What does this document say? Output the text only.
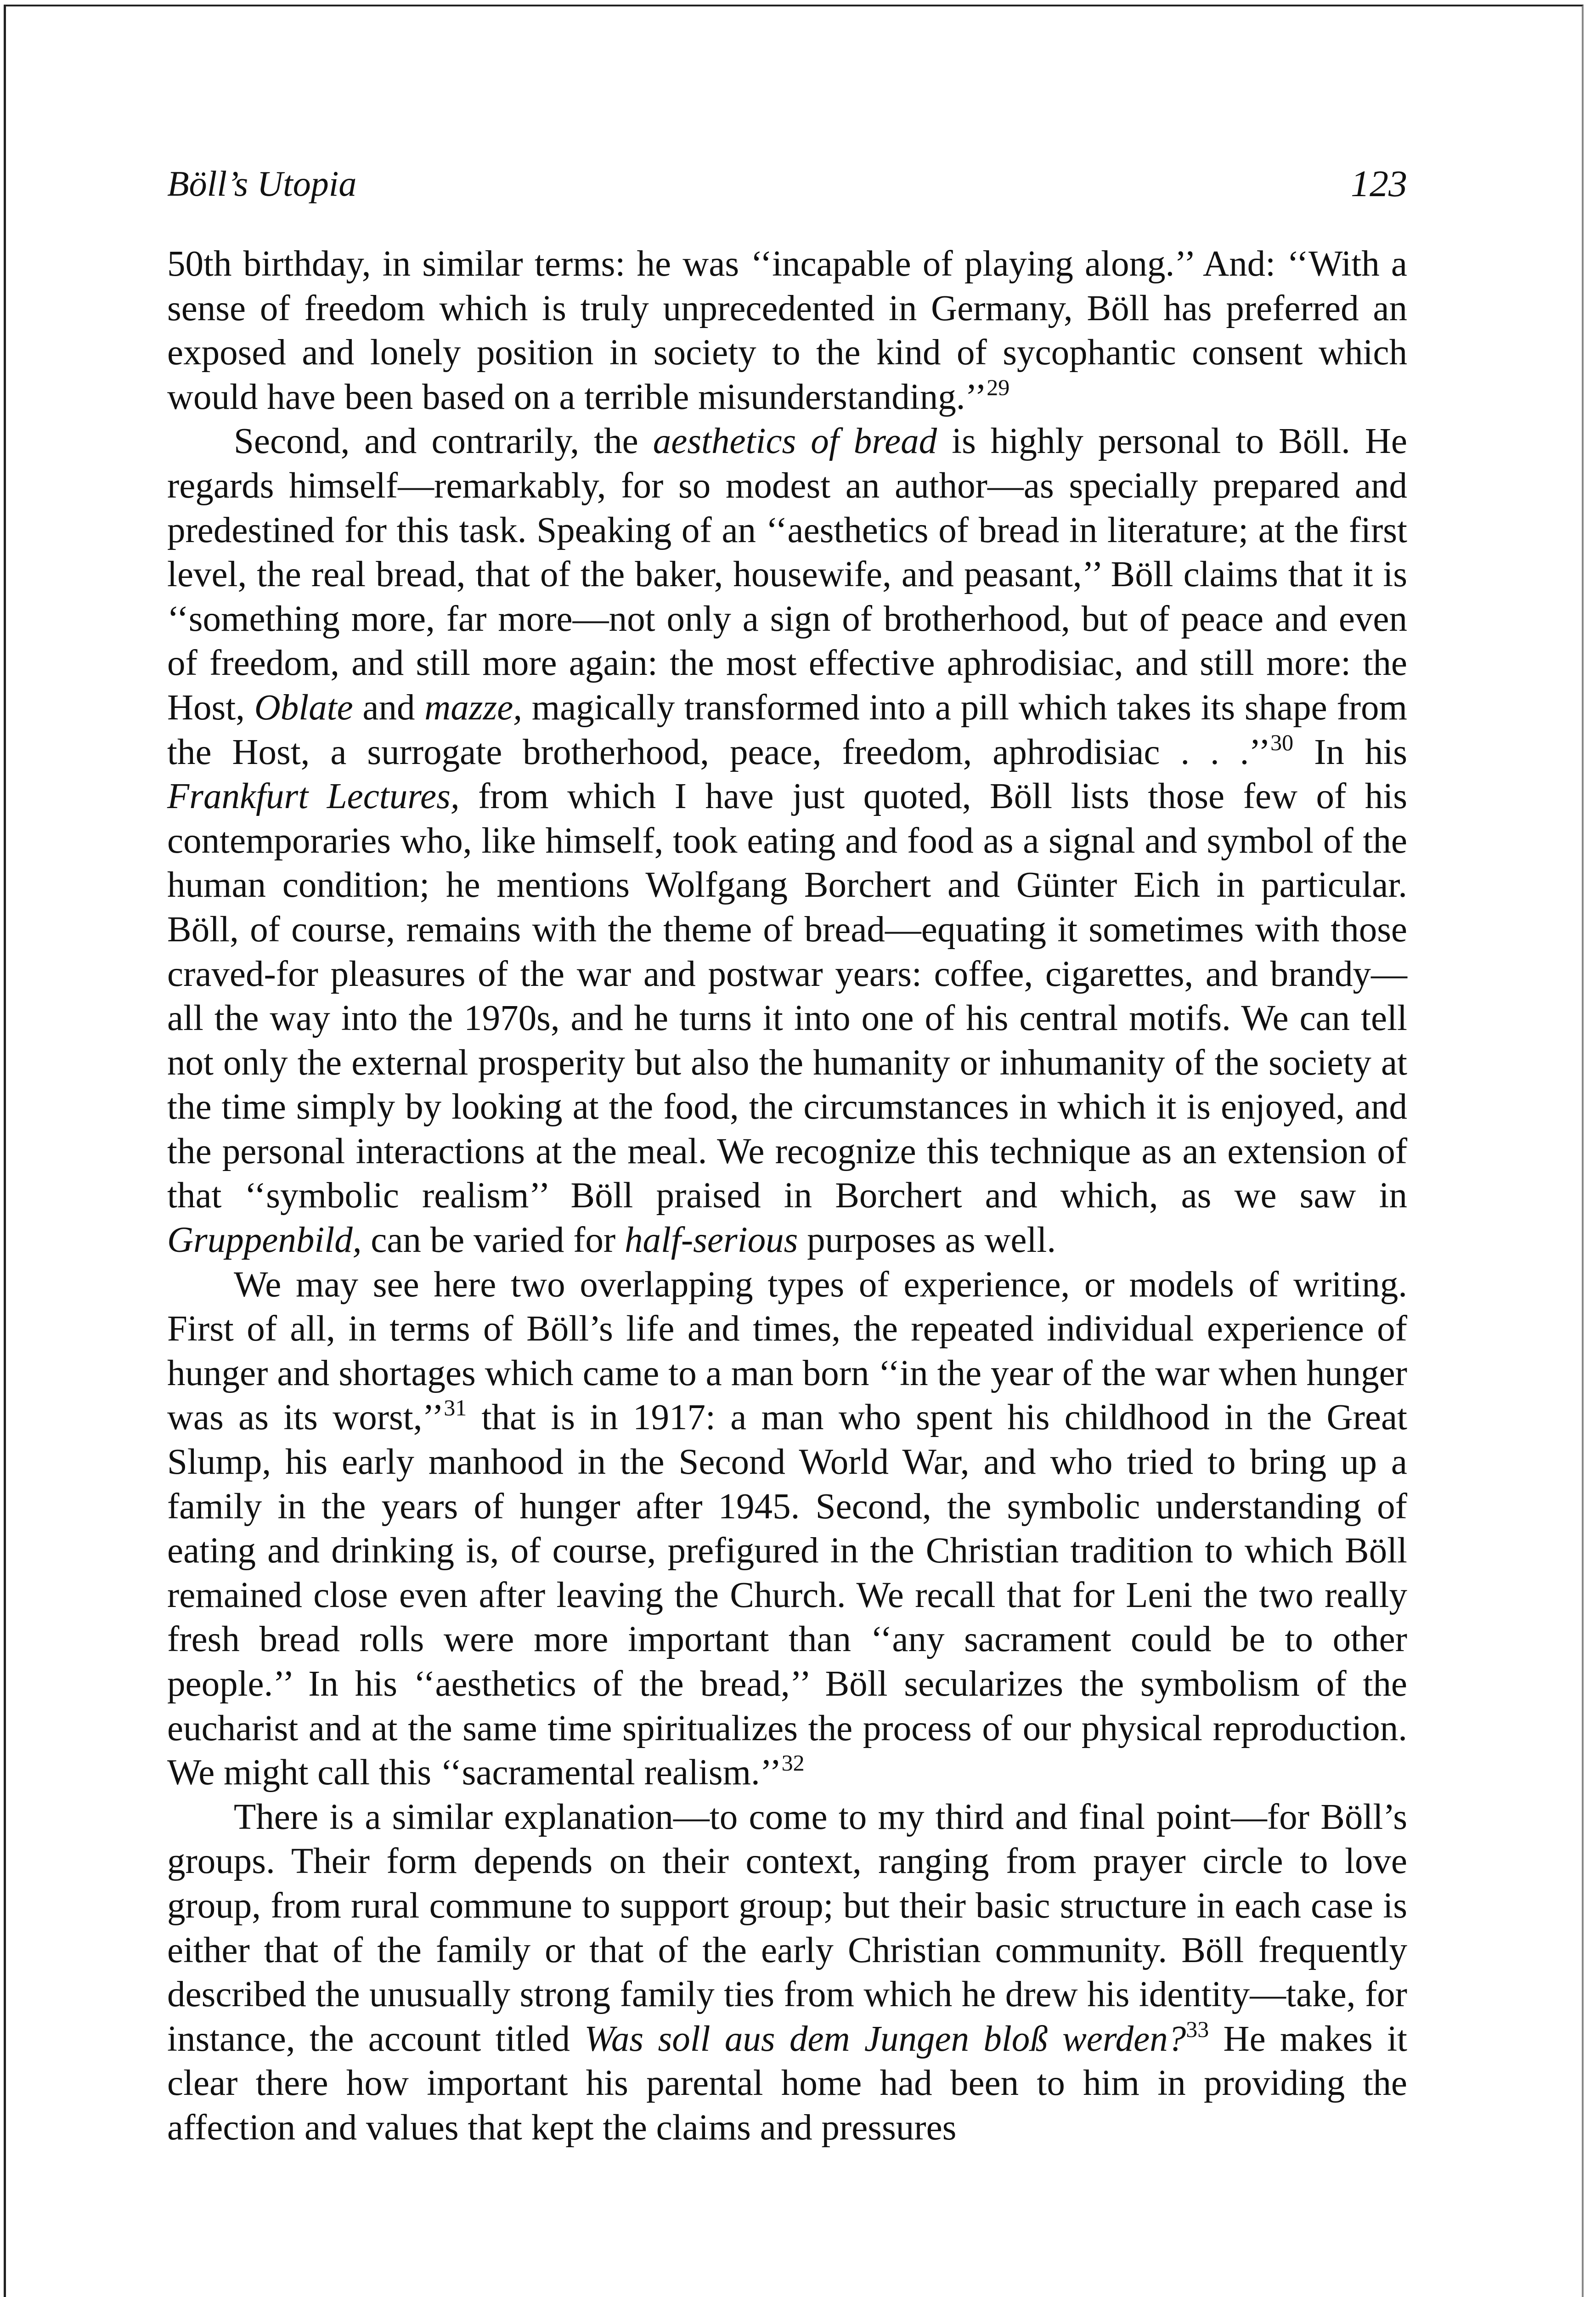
Böll’s Utopia	123

50th birthday, in similar terms: he was ‘‘incapable of playing along.’’ And: ‘‘With a sense of freedom which is truly unprecedented in Germany, Böll has preferred an exposed and lonely position in society to the kind of sycophantic consent which would have been based on a terrible misunderstanding.’’$^{29}$

Second, and contrarily, the aesthetics of bread is highly personal to Böll. He regards himself—remarkably, for so modest an author—as specially prepared and predestined for this task. Speaking of an ‘‘aesthetics of bread in literature; at the first level, the real bread, that of the baker, housewife, and peasant,’’ Böll claims that it is ‘‘something more, far more—not only a sign of brotherhood, but of peace and even of freedom, and still more again: the most effective aphrodisiac, and still more: the Host, Oblate and mazze, magically transformed into a pill which takes its shape from the Host, a surrogate brotherhood, peace, freedom, aphrodisiac . . .’’$^{30}$ In his Frankfurt Lectures, from which I have just quoted, Böll lists those few of his contemporaries who, like himself, took eating and food as a signal and symbol of the human condition; he mentions Wolfgang Borchert and Günter Eich in particular. Böll, of course, remains with the theme of bread—equating it sometimes with those craved-for pleasures of the war and postwar years: coffee, cigarettes, and brandy—all the way into the 1970s, and he turns it into one of his central motifs. We can tell not only the external prosperity but also the humanity or inhumanity of the society at the time simply by looking at the food, the circumstances in which it is enjoyed, and the personal interactions at the meal. We recognize this technique as an extension of that ‘‘symbolic realism’’ Böll praised in Borchert and which, as we saw in Gruppenbild, can be varied for half-serious purposes as well.

We may see here two overlapping types of experience, or models of writing. First of all, in terms of Böll’s life and times, the repeated individual experience of hunger and shortages which came to a man born ‘‘in the year of the war when hunger was as its worst,’’$^{31}$ that is in 1917: a man who spent his childhood in the Great Slump, his early manhood in the Second World War, and who tried to bring up a family in the years of hunger after 1945. Second, the symbolic understanding of eating and drinking is, of course, prefigured in the Christian tradition to which Böll remained close even after leaving the Church. We recall that for Leni the two really fresh bread rolls were more important than ‘‘any sacrament could be to other people.’’ In his ‘‘aesthetics of the bread,’’ Böll secularizes the symbolism of the eucharist and at the same time spiritualizes the process of our physical reproduction. We might call this ‘‘sacramental realism.’’$^{32}$

There is a similar explanation—to come to my third and final point—for Böll’s groups. Their form depends on their context, ranging from prayer circle to love group, from rural commune to support group; but their basic structure in each case is either that of the family or that of the early Christian community. Böll frequently described the unusually strong family ties from which he drew his identity—take, for instance, the account titled Was soll aus dem Jungen bloß werden?$^{33}$ He makes it clear there how important his parental home had been to him in providing the affection and values that kept the claims and pressures
